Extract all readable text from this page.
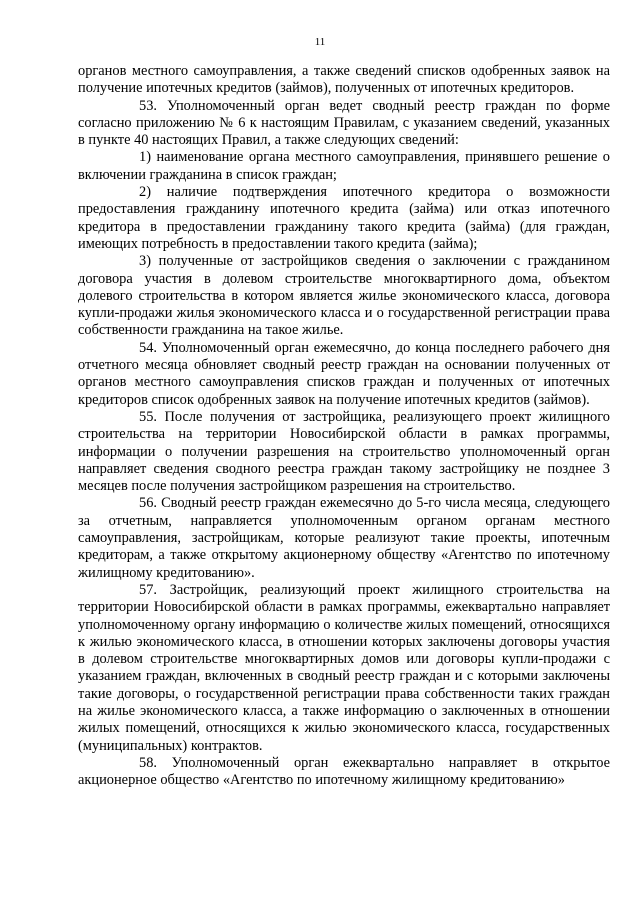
11

органов местного самоуправления, а также сведений списков одобренных заявок на получение ипотечных кредитов (займов), полученных от ипотечных кредиторов.

53. Уполномоченный орган ведет сводный реестр граждан по форме согласно приложению № 6 к настоящим Правилам, с указанием сведений, указанных в пункте 40 настоящих Правил, а также следующих сведений:

1) наименование органа местного самоуправления, принявшего решение о включении гражданина в список граждан;

2) наличие подтверждения ипотечного кредитора о возможности предоставления гражданину ипотечного кредита (займа) или отказ ипотечного кредитора в предоставлении гражданину такого кредита (займа) (для граждан, имеющих потребность в предоставлении такого кредита (займа);

3) полученные от застройщиков сведения о заключении с гражданином договора участия в долевом строительстве многоквартирного дома, объектом долевого строительства в котором является жилье экономического класса, договора купли-продажи жилья экономического класса и о государственной регистрации права собственности гражданина на такое жилье.

54. Уполномоченный орган ежемесячно, до конца последнего рабочего дня отчетного месяца обновляет сводный реестр граждан на основании полученных от органов местного самоуправления списков граждан и полученных от ипотечных кредиторов список одобренных заявок на получение ипотечных кредитов (займов).

55. После получения от застройщика, реализующего проект жилищного строительства на территории Новосибирской области в рамках программы, информации о получении разрешения на строительство уполномоченный орган направляет сведения сводного реестра граждан такому застройщику не позднее 3 месяцев после получения застройщиком разрешения на строительство.

56. Сводный реестр граждан ежемесячно до 5-го числа месяца, следующего за отчетным, направляется уполномоченным органом органам местного самоуправления, застройщикам, которые реализуют такие проекты, ипотечным кредиторам, а также открытому акционерному обществу «Агентство по ипотечному жилищному кредитованию».

57. Застройщик, реализующий проект жилищного строительства на территории Новосибирской области в рамках программы, ежеквартально направляет уполномоченному органу информацию о количестве жилых помещений, относящихся к жилью экономического класса, в отношении которых заключены договоры участия в долевом строительстве многоквартирных домов или договоры купли-продажи с указанием граждан, включенных в сводный реестр граждан и с которыми заключены такие договоры, о государственной регистрации права собственности таких граждан на жилье экономического класса, а также информацию о заключенных в отношении жилых помещений, относящихся к жилью экономического класса, государственных (муниципальных) контрактов.

58. Уполномоченный орган ежеквартально направляет в открытое акционерное общество «Агентство по ипотечному жилищному кредитованию»
